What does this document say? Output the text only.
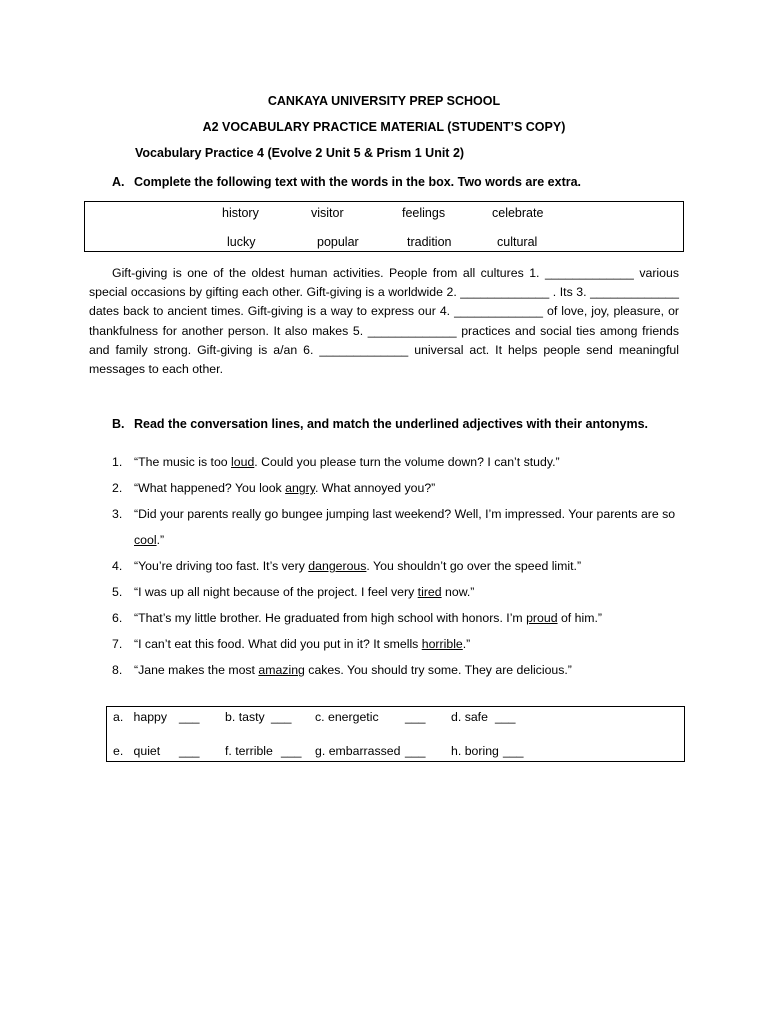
CANKAYA UNIVERSITY PREP SCHOOL
A2 VOCABULARY PRACTICE MATERIAL (STUDENT’S COPY)
Vocabulary Practice 4 (Evolve 2 Unit 5 & Prism 1 Unit 2)
A. Complete the following text with the words in the box. Two words are extra.
history	visitor	feelings	celebrate
lucky	popular	tradition	cultural

Gift-giving is one of the oldest human activities. People from all cultures 1. _____________ various special occasions by gifting each other. Gift-giving is a worldwide 2. _____________ . Its 3. _____________ dates back to ancient times. Gift-giving is a way to express our 4. _____________ of love, joy, pleasure, or thankfulness for another person. It also makes 5. _____________ practices and social ties among friends and family strong. Gift-giving is a/an 6. _____________ universal act. It helps people send meaningful messages to each other.

B. Read the conversation lines, and match the underlined adjectives with their antonyms.
1. “The music is too loud. Could you please turn the volume down? I can’t study.”
2. “What happened? You look angry. What annoyed you?”
3. “Did your parents really go bungee jumping last weekend? Well, I’m impressed. Your parents are so cool.”
4. “You’re driving too fast. It’s very dangerous. You shouldn’t go over the speed limit.”
5. “I was up all night because of the project. I feel very tired now.”
6. “That’s my little brother. He graduated from high school with honors. I’m proud of him.”
7. “I can’t eat this food. What did you put in it? It smells horrible.”
8. “Jane makes the most amazing cakes. You should try some. They are delicious.”
a. happy ___ b. tasty ___ c. energetic ___ d. safe ___
e. quiet ___ f. terrible ___ g. embarrassed ___ h. boring ___
